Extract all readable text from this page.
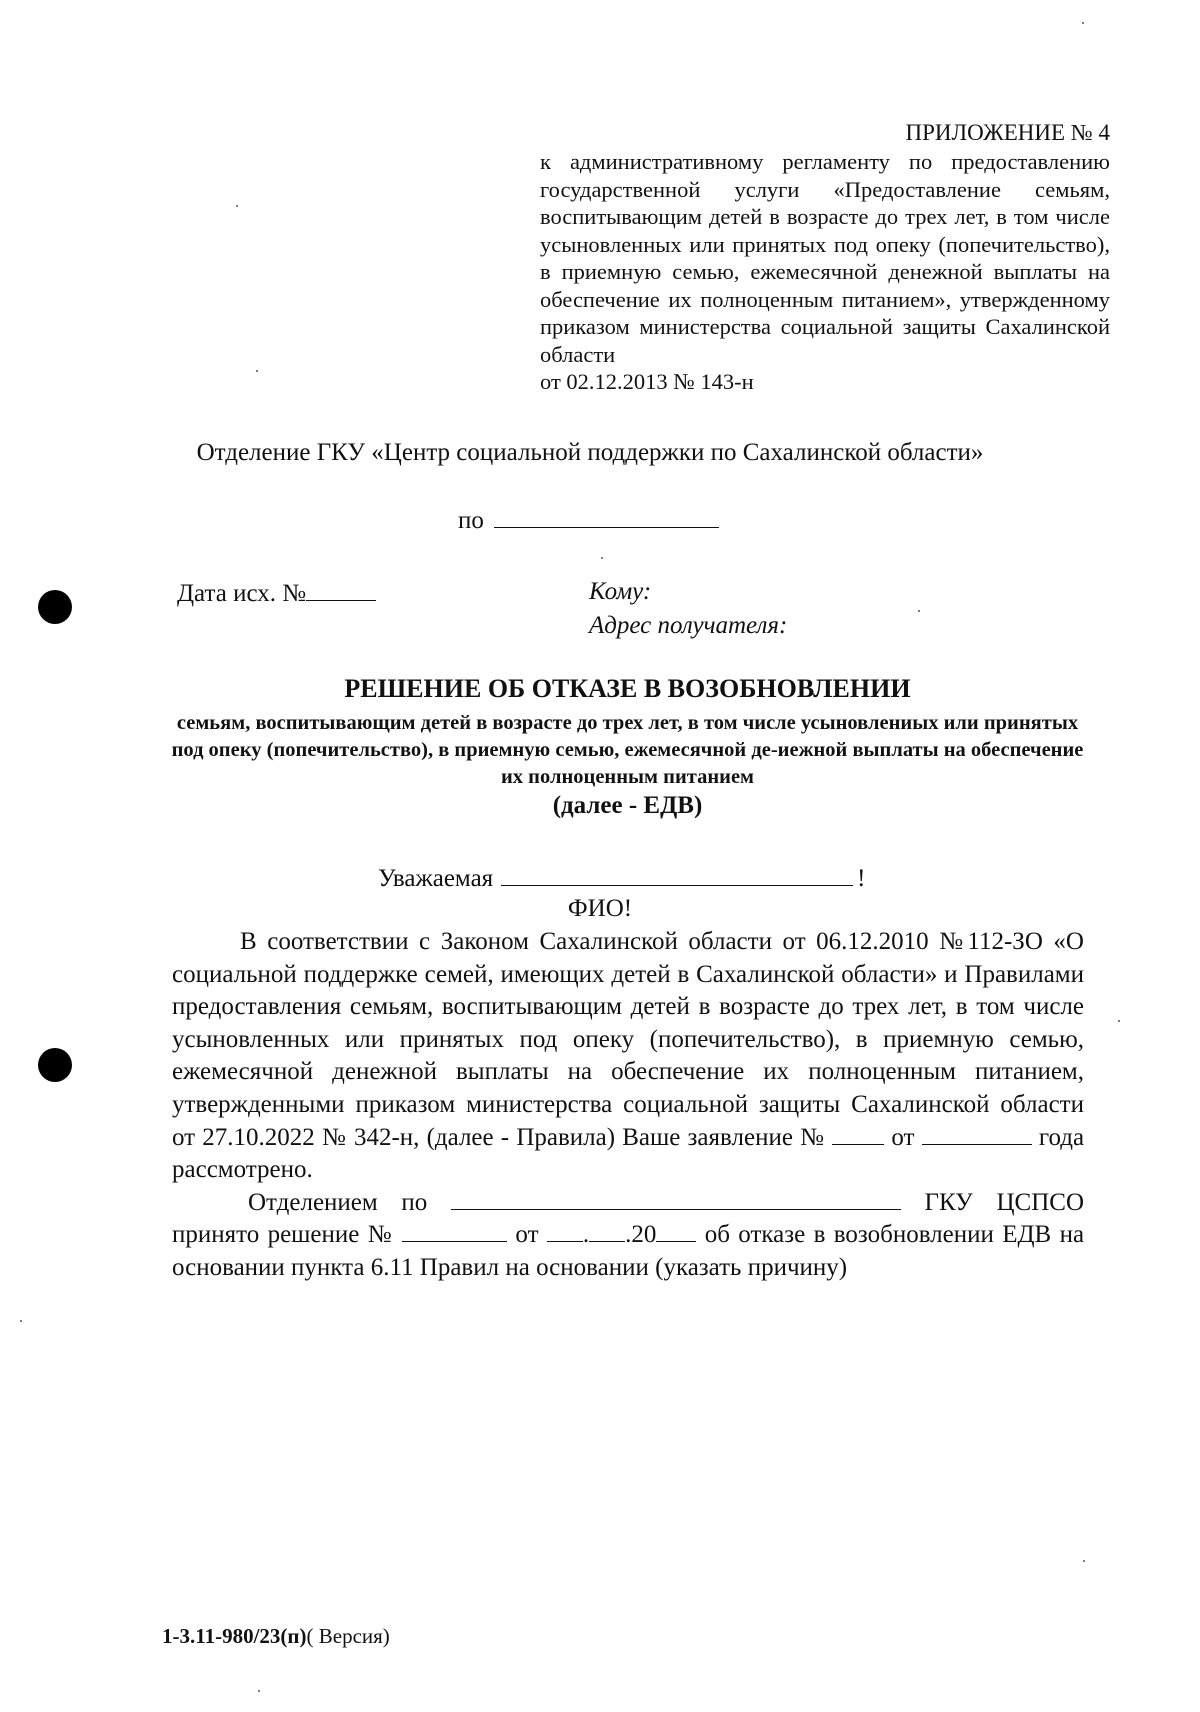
ПРИЛОЖЕНИЕ № 4
к административному регламенту по предоставлению государственной услуги «Предоставление семьям, воспитывающим детей в возрасте до трех лет, в том числе усыновленных или принятых под опеку (попечительство), в приемную семью, ежемесячной денежной выплаты на обеспечение их полноценным питанием», утвержденному приказом министерства социальной защиты Сахалинской области
от 02.12.2013 № 143-н
Отделение ГКУ «Центр социальной поддержки по Сахалинской области»
по
Дата исх. №	Кому:
Адрес получателя:
РЕШЕНИЕ ОБ ОТКАЗЕ В ВОЗОБНОВЛЕНИИ
семьям, воспитывающим детей в возрасте до трех лет, в том числе усыновлениых или принятых под опеку (попечительство), в приемную семью, ежемесячной де-иежной выплаты на обеспечение их полноценным питанием
(далее - ЕДВ)
Уважаемая	!
ФИО!

В соответствии с Законом Сахалинской области от 06.12.2010 №112-ЗО «О социальной поддержке семей, имеющих детей в Сахалинской области» и Правилами предоставления семьям, воспитывающим детей в возрасте до трех лет, в том числе усыновленных или принятых под опеку (попечительство), в приемную семью, ежемесячной денежной выплаты на обеспечение их полноценным питанием, утвержденными приказом министерства социальной защиты Сахалинской области от 27.10.2022 № 342-н, (далее - Правила) Ваше заявление №	от	года рассмотрено.

Отделением по	ГКУ ЦСПСО принято решение №	от . .20 об отказе в возобновлении ЕДВ на основании пункта 6.11 Правил на основании (указать причину)

1-3.11-980/23(п)( Версия)
